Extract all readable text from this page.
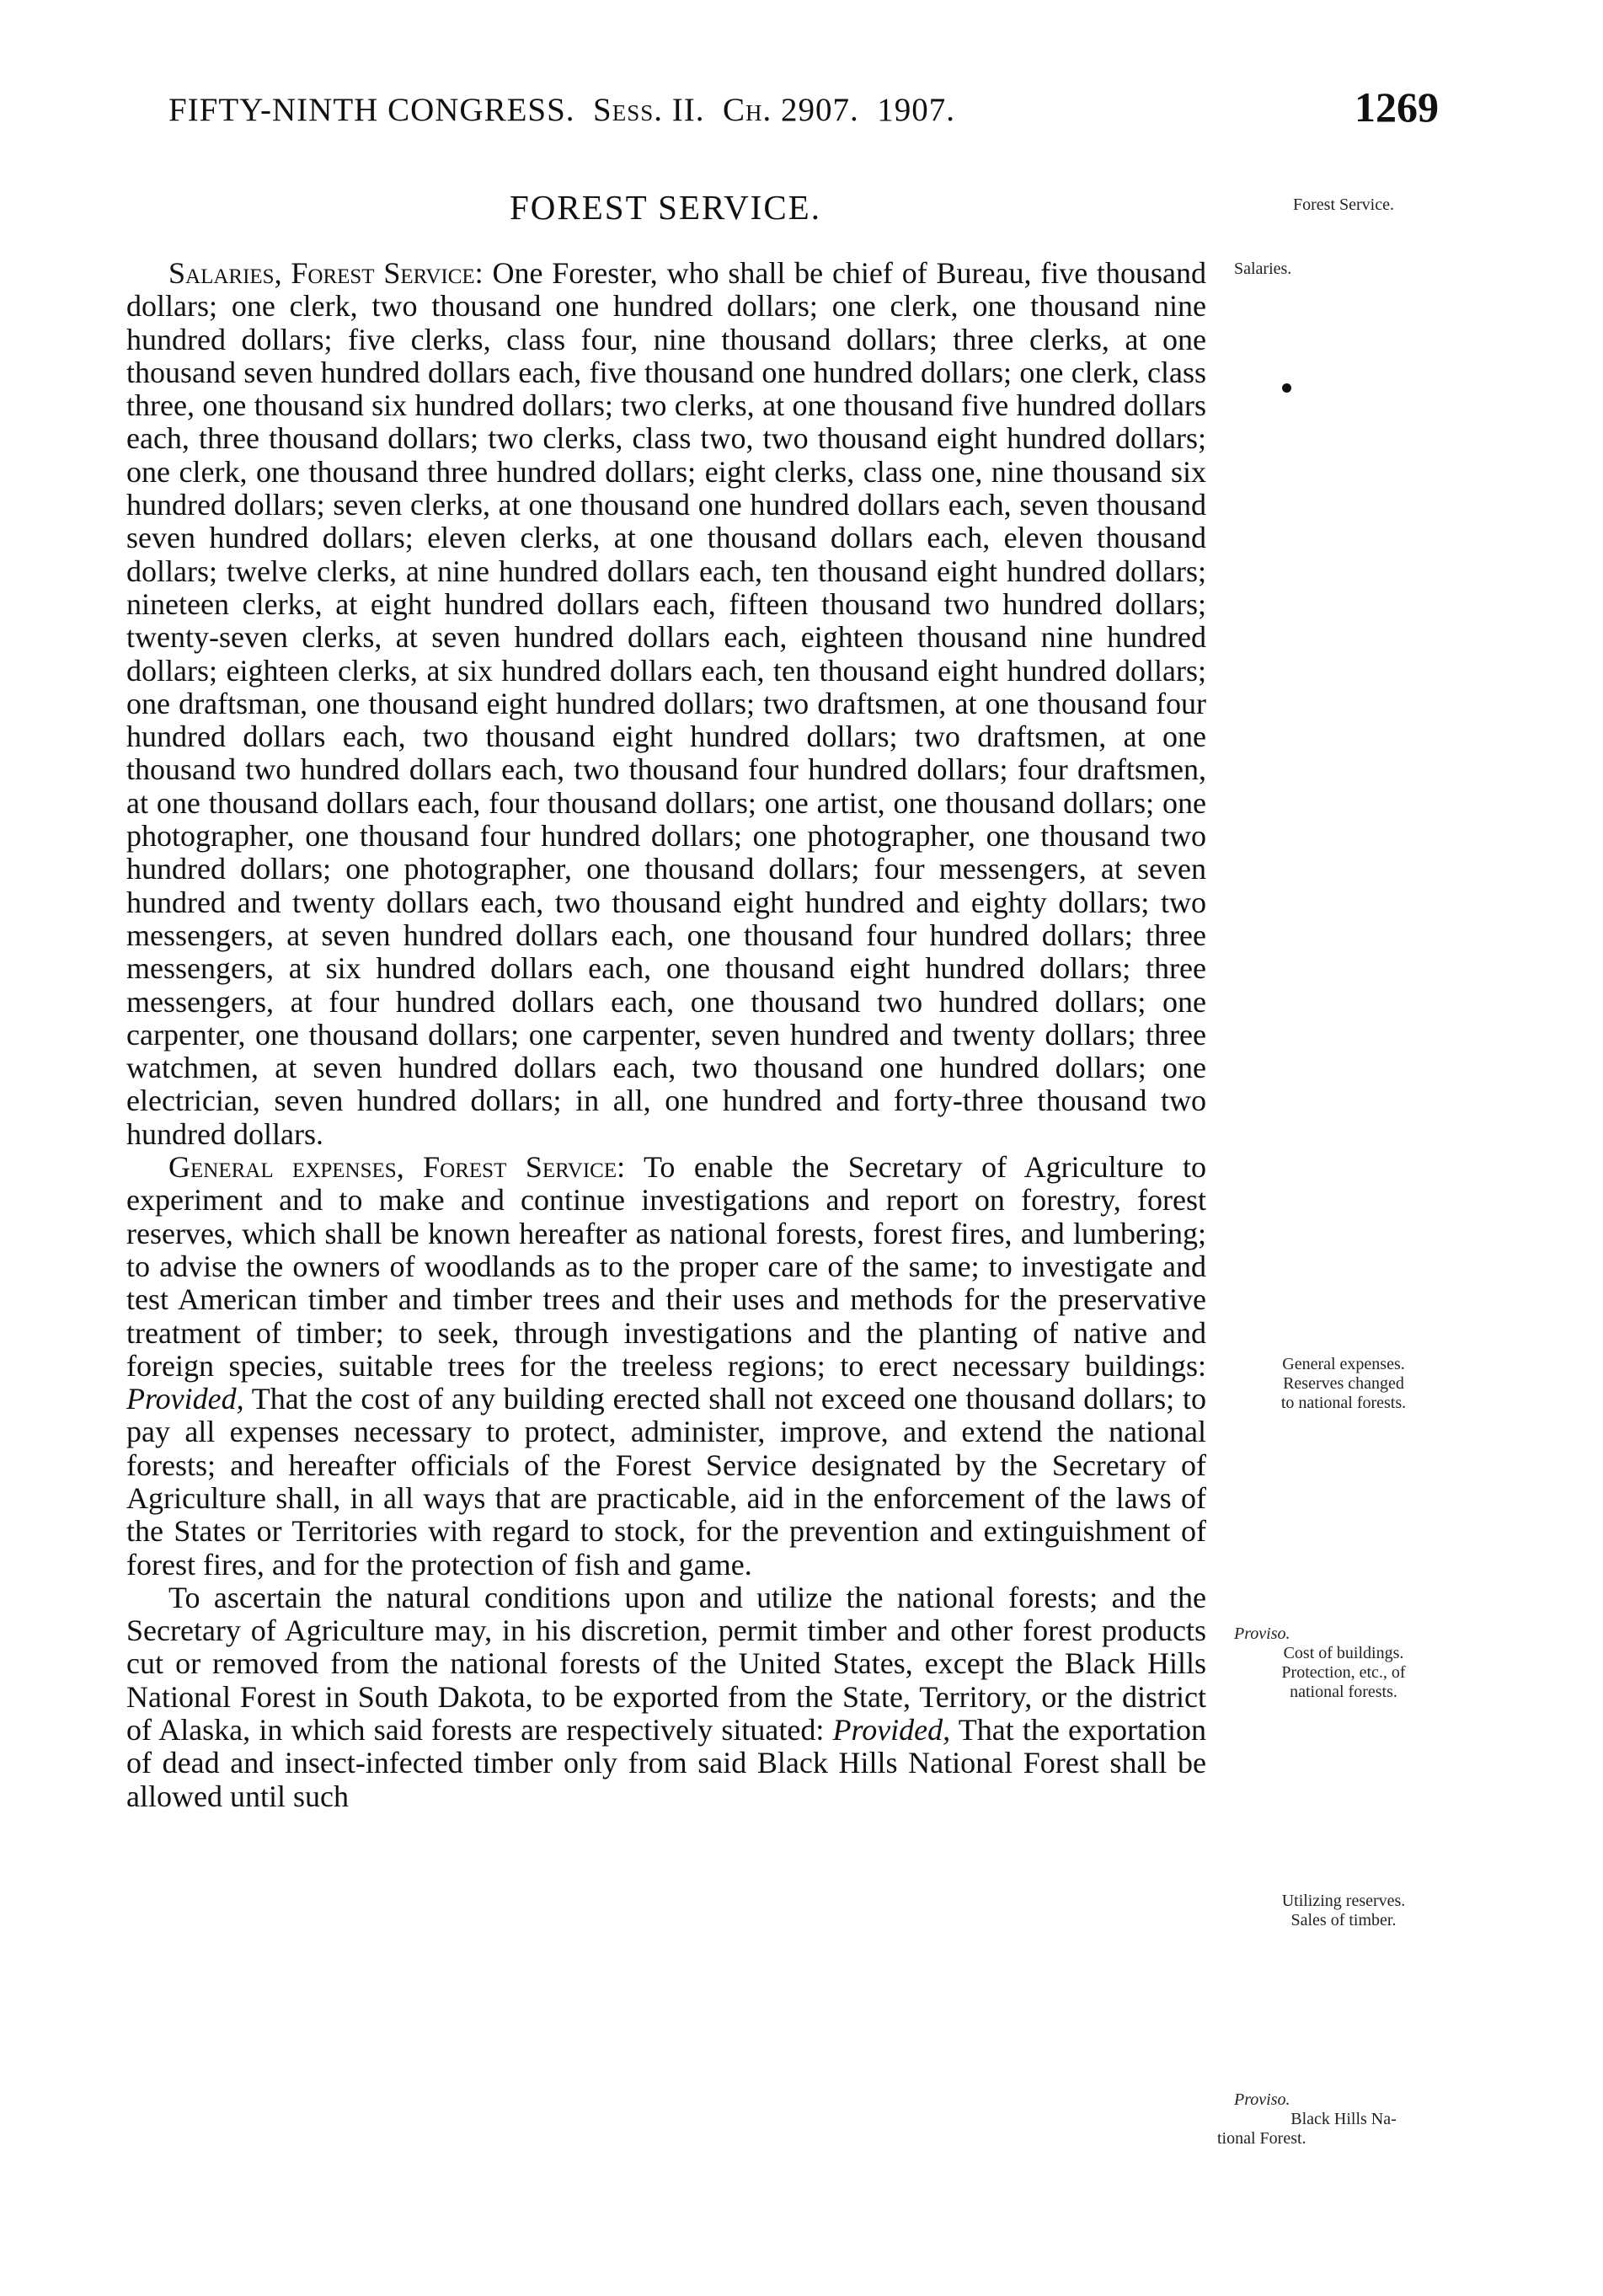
FIFTY-NINTH CONGRESS. Sess. II. Ch. 2907. 1907.	1269
FOREST SERVICE.

Salaries, Forest Service: One Forester, who shall be chief of Bureau, five thousand dollars; one clerk, two thousand one hundred dollars; one clerk, one thousand nine hundred dollars; five clerks, class four, nine thousand dollars; three clerks, at one thousand seven hundred dollars each, five thousand one hundred dollars; one clerk, class three, one thousand six hundred dollars; two clerks, at one thousand five hundred dollars each, three thousand dollars; two clerks, class two, two thousand eight hundred dollars; one clerk, one thousand three hundred dollars; eight clerks, class one, nine thousand six hundred dollars; seven clerks, at one thousand one hundred dollars each, seven thousand seven hundred dollars; eleven clerks, at one thousand dollars each, eleven thousand dollars; twelve clerks, at nine hundred dollars each, ten thousand eight hundred dollars; nineteen clerks, at eight hundred dollars each, fifteen thousand two hundred dollars; twenty-seven clerks, at seven hundred dollars each, eighteen thousand nine hundred dollars; eighteen clerks, at six hundred dollars each, ten thousand eight hundred dollars; one draftsman, one thousand eight hundred dollars; two draftsmen, at one thousand four hundred dollars each, two thousand eight hundred dollars; two draftsmen, at one thousand two hundred dollars each, two thousand four hundred dollars; four draftsmen, at one thousand dollars each, four thousand dollars; one artist, one thousand dollars; one photographer, one thousand four hundred dollars; one photographer, one thousand two hundred dollars; one photographer, one thousand dollars; four messengers, at seven hundred and twenty dollars each, two thousand eight hundred and eighty dollars; two messengers, at seven hundred dollars each, one thousand four hundred dollars; three messengers, at six hundred dollars each, one thousand eight hundred dollars; three messengers, at four hundred dollars each, one thousand two hundred dollars; one carpenter, one thousand dollars; one carpenter, seven hundred and twenty dollars; three watchmen, at seven hundred dollars each, two thousand one hundred dollars; one electrician, seven hundred dollars; in all, one hundred and forty-three thousand two hundred dollars.

General expenses, Forest Service: To enable the Secretary of Agriculture to experiment and to make and continue investigations and report on forestry, forest reserves, which shall be known hereafter as national forests, forest fires, and lumbering; to advise the owners of woodlands as to the proper care of the same; to investigate and test American timber and timber trees and their uses and methods for the preservative treatment of timber; to seek, through investigations and the planting of native and foreign species, suitable trees for the treeless regions; to erect necessary buildings: Provided, That the cost of any building erected shall not exceed one thousand dollars; to pay all expenses necessary to protect, administer, improve, and extend the national forests; and hereafter officials of the Forest Service designated by the Secretary of Agriculture shall, in all ways that are practicable, aid in the enforcement of the laws of the States or Territories with regard to stock, for the prevention and extinguishment of forest fires, and for the protection of fish and game.

To ascertain the natural conditions upon and utilize the national forests; and the Secretary of Agriculture may, in his discretion, permit timber and other forest products cut or removed from the national forests of the United States, except the Black Hills National Forest in South Dakota, to be exported from the State, Territory, or the district of Alaska, in which said forests are respectively situated: Provided, That the exportation of dead and insect-infected timber only from said Black Hills National Forest shall be allowed until such

Forest Service.
Salaries.
General expenses.
Reserves changed
to national forests.
Proviso.
Cost of buildings.
Protection, etc., of
national forests.
Utilizing reserves.
Sales of timber.
Proviso.
Black Hills Na-
tional Forest.
